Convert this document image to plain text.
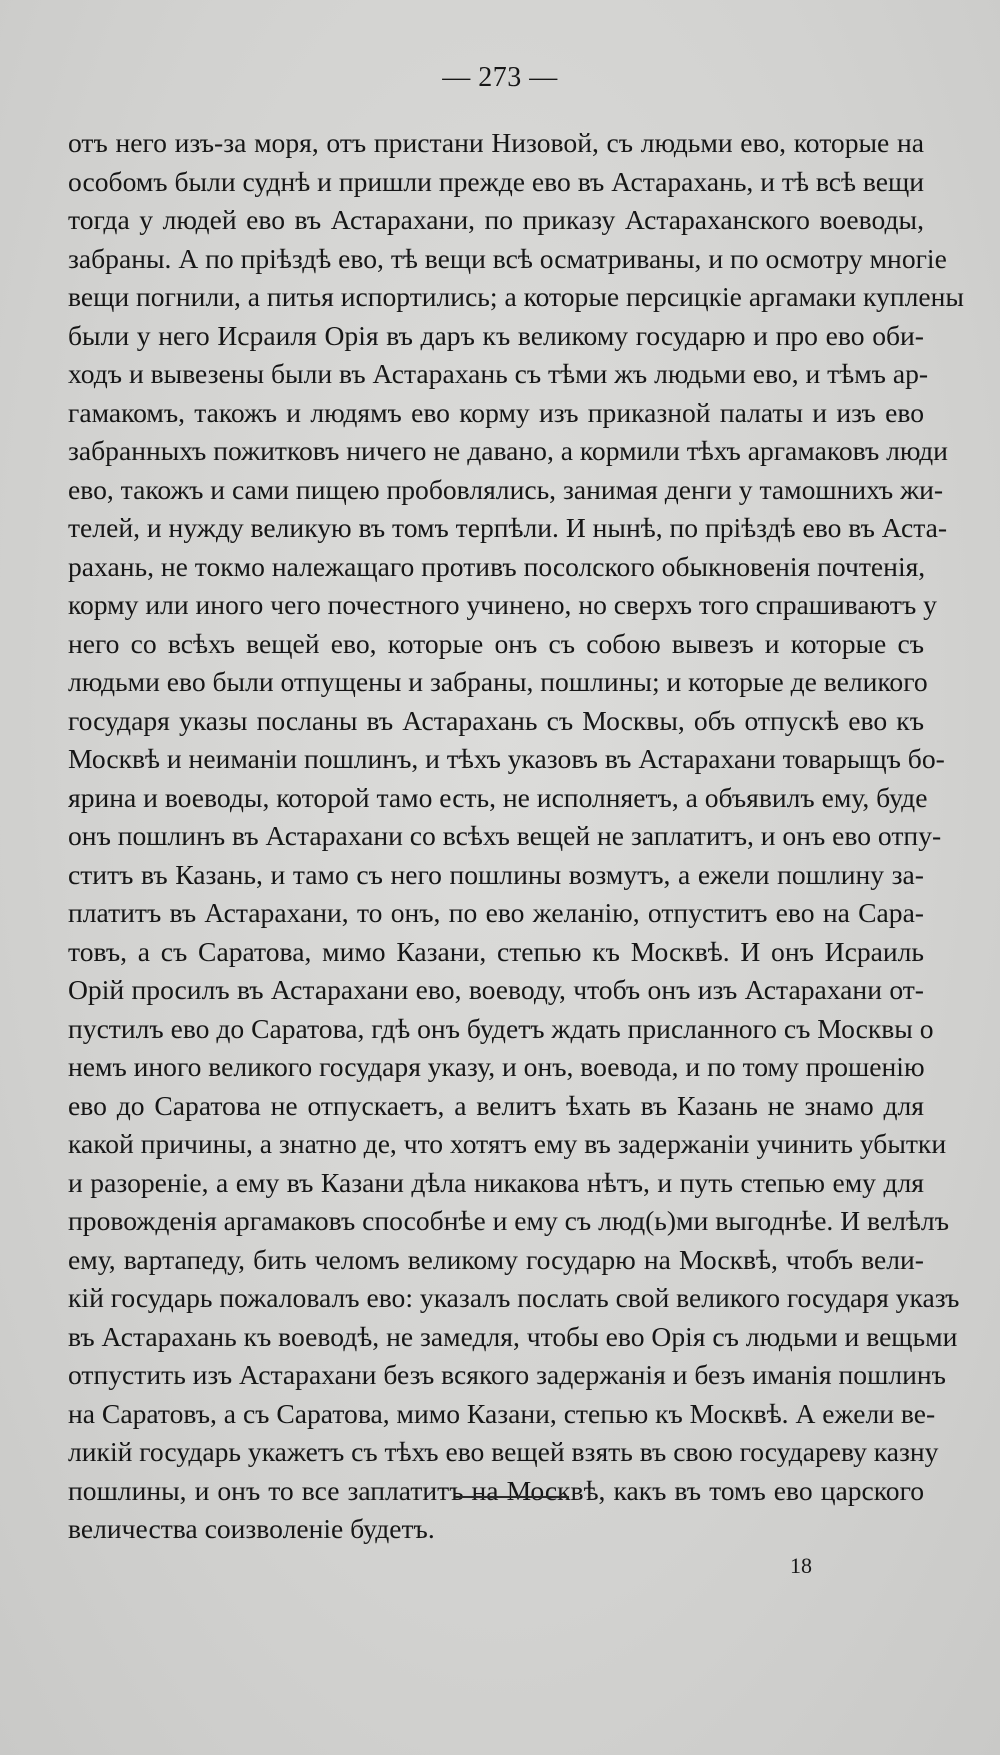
— 273 —
отъ него изъ-за моря, отъ пристани Низовой, съ людьми ево, которые на
особомъ были суднѣ и пришли прежде ево въ Астарахань, и тѣ всѣ вещи
тогда у людей ево въ Астарахани, по приказу Астараханского воеводы,
забраны. А по пріѣздѣ ево, тѣ вещи всѣ осматриваны, и по осмотру многіе
вещи погнили, а питья испортились; а которые персицкіе аргамаки куплены
были у него Исраиля Орія въ даръ къ великому государю и про ево оби-
ходъ и вывезены были въ Астарахань съ тѣми жъ людьми ево, и тѣмъ ар-
гамакомъ, такожъ и людямъ ево корму изъ приказной палаты и изъ ево
забранныхъ пожитковъ ничего не давано, а кормили тѣхъ аргамаковъ люди
ево, такожъ и сами пищею пробовлялись, занимая денги у тамошнихъ жи-
телей, и нужду великую въ томъ терпѣли. И нынѣ, по пріѣздѣ ево въ Аста-
рахань, не токмо належащаго противъ посолского обыкновенія почтенія,
корму или иного чего почестного учинено, но сверхъ того спрашиваютъ у
него со всѣхъ вещей ево, которые онъ съ собою вывезъ и которые съ
людьми ево были отпущены и забраны, пошлины; и которые де великого
государя указы посланы въ Астарахань съ Москвы, объ отпускѣ ево къ
Москвѣ и неиманіи пошлинъ, и тѣхъ указовъ въ Астарахани товарыщъ бо-
ярина и воеводы, которой тамо есть, не исполняетъ, а объявилъ ему, буде
онъ пошлинъ въ Астарахани со всѣхъ вещей не заплатитъ, и онъ ево отпу-
ститъ въ Казань, и тамо съ него пошлины возмутъ, а ежели пошлину за-
платитъ въ Астарахани, то онъ, по ево желанію, отпуститъ ево на Сара-
товъ, а съ Саратова, мимо Казани, степью къ Москвѣ. И онъ Исраиль
Орій просилъ въ Астарахани ево, воеводу, чтобъ онъ изъ Астарахани от-
пустилъ ево до Саратова, гдѣ онъ будетъ ждать присланного съ Москвы о
немъ иного великого государя указу, и онъ, воевода, и по тому прошенію
ево до Саратова не отпускаетъ, а велитъ ѣхать въ Казань не знамо для
какой причины, а знатно де, что хотятъ ему въ задержаніи учинить убытки
и разореніе, а ему въ Казани дѣла никакова нѣтъ, и путь степью ему для
провожденія аргамаковъ способнѣе и ему съ люд(ь)ми выгоднѣе. И велѣлъ
ему, вартапеду, бить челомъ великому государю на Москвѣ, чтобъ вели-
кій государь пожаловалъ ево: указалъ послать свой великого государя указъ
въ Астарахань къ воеводѣ, не замедля, чтобы ево Орія съ людьми и вещьми
отпустить изъ Астарахани безъ всякого задержанія и безъ иманія пошлинъ
на Саратовъ, а съ Саратова, мимо Казани, степью къ Москвѣ. А ежели ве-
ликій государь укажетъ съ тѣхъ ево вещей взять въ свою государеву казну
пошлины, и онъ то все заплатитъ на Москвѣ, какъ въ томъ ево царского
величества соизволеніе будетъ.
18
